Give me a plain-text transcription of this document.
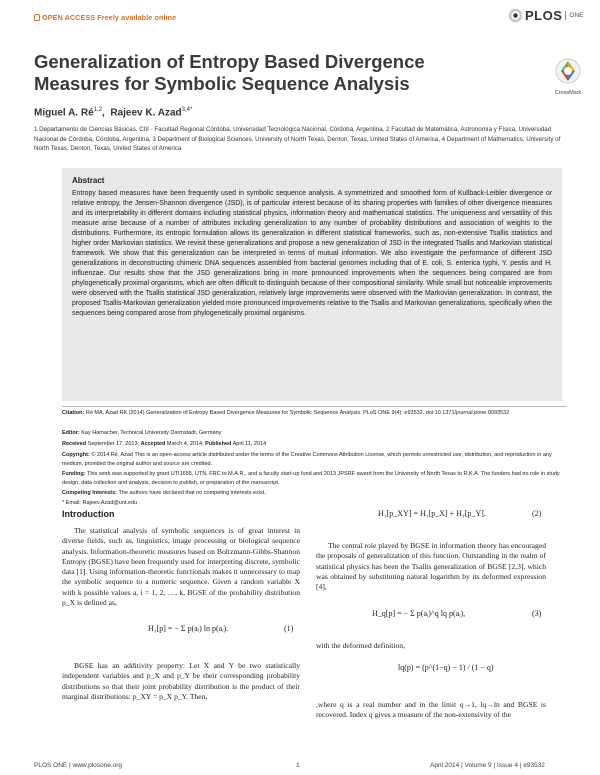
OPEN ACCESS Freely available online	PLOS	ONE
Generalization of Entropy Based Divergence Measures for Symbolic Sequence Analysis	CrossMark
Miguel A. Ré$^{1,2}$,  Rajeev K. Azad$^{3,4*}$
1 Departamento de Ciencias Básicas, CIII - Facultad Regional Córdoba, Universidad Tecnológica Nacional, Córdoba, Argentina, 2 Facultad de Matemática, Astronomía y Física, Universidad Nacional de Córdoba, Córdoba, Argentina, 3 Department of Biological Sciences, University of North Texas, Denton, Texas, United States of America, 4 Department of Mathematics, University of North Texas, Denton, Texas, United States of America
Abstract

Entropy based measures have been frequently used in symbolic sequence analysis. A symmetrized and smoothed form of Kullback-Leibler divergence or relative entropy, the Jensen-Shannon divergence (JSD), is of particular interest because of its sharing properties with families of other divergence measures and its interpretability in different domains including statistical physics, information theory and mathematical statistics. The uniqueness and versatility of this measure arise because of a number of attributes including generalization to any number of probability distributions and association of weights to the distributions. Furthermore, its entropic formulation allows its generalization in different statistical frameworks, such as, non-extensive Tsallis statistics and higher order Markovian statistics. We revisit these generalizations and propose a new generalization of JSD in the integrated Tsallis and Markovian statistical framework. We show that this generalization can be interpreted in terms of mutual information. We also investigate the performance of different JSD generalizations in deconstructing chimeric DNA sequences assembled from bacterial genomes including that of E. coli, S. enterica typhi, Y. pestis and H. influenzae. Our results show that the JSD generalizations bring in more pronounced improvements when the sequences being compared are from phylogenetically proximal organisms, which are often difficult to distinguish because of their compositional similarity. While small but noticeable improvements were observed with the Tsallis statistical JSD generalization, relatively large improvements were observed with the Markovian generalization. In contrast, the proposed Tsallis-Markovian generalization yielded more pronounced improvements relative to the Tsallis and Markovian generalizations, specifically when the sequences being compared arose from phylogenetically proximal organisms.

Citation: Ré MA, Azad RK (2014) Generalization of Entropy Based Divergence Measures for Symbolic Sequence Analysis. PLoS ONE 9(4): e93532. doi:10.1371/journal.pone.0093532
Editor: Kay Hamacher, Technical University Darmstadt, Germany
Received September 17, 2013; Accepted March 4, 2014; Published April 11, 2014
Copyright: © 2014 Ré, Azad This is an open-access article distributed under the terms of the Creative Commons Attribution License, which permits unrestricted use, distribution, and reproduction in any medium, provided the original author and source are credited.
Funding: This work was supported by grant UTI1655, UTN, FRC to M.A.R., and a faculty start-up fund and 2013 JPSRF award from the University of North Texas to R.K.A. The funders had no role in study design, data collection and analysis, decision to publish, or preparation of the manuscript.
Competing Interests: The authors have declared that no competing interests exist.
* Email: Rajeev.Azad@unt.edu
Introduction
The statistical analysis of symbolic sequences is of great interest in diverse fields, such as, linguistics, image processing or biological sequence analysis. Information-theoretic measures based on Boltzmann-Gibbs-Shannon Entropy (BGSE) have been frequently used for interpreting discrete, symbolic data [1]. Using information-theoretic functionals makes it unnecessary to map the symbolic sequence to a numeric sequence. Given a random variable X with k possible values a, i = 1, 2, …, k, BGSE of the probability distribution p_X is defined as,
H₁[p] = − Σ p(aᵢ) ln p(aᵢ).	(1)
BGSE has an additivity property: Let X and Y be two statistically independent variables and p_X and p_Y be their corresponding probability distributions so that their joint probability distribution is the product of their marginal distributions: p_XY = p_X p_Y. Then,
H₁[p_XY] = H₁[p_X] + H₁[p_Y].	(2)
The central role played by BGSE in information theory has encouraged the proposals of generalization of this function. Outstanding in the realm of statistical physics has been the Tsallis generalization of BGSE [2,3], which was obtained by substituting natural logarithm by its deformed expression [4],
H_q[p] = − Σ p(aᵢ)^q lq p(aᵢ),	(3)
with the deformed definition,
lq(p) = (p^(1−q) − 1) / (1 − q)
,where q is a real number and in the limit q→1, lq→ln and BGSE is recovered. Index q gives a measure of the non-extensivity of the
PLOS ONE | www.plosone.org	1	April 2014 | Volume 9 | Issue 4 | e93532
